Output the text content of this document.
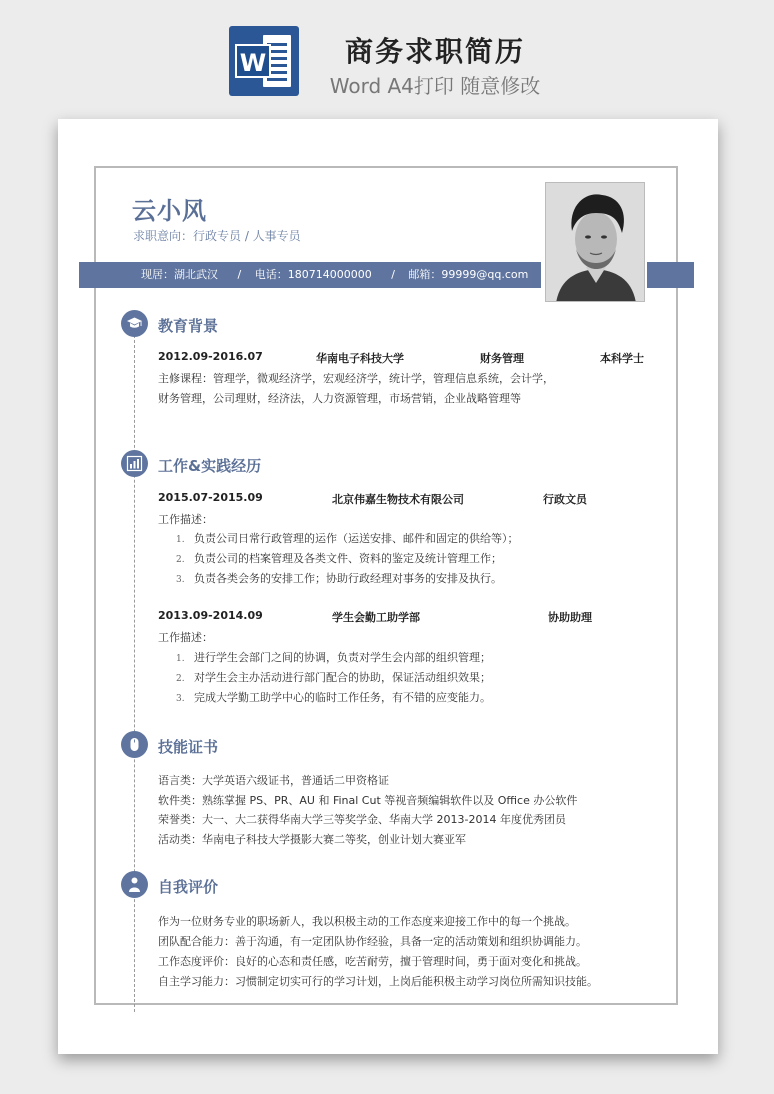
W	商务求职简历
Word A4打印 随意修改
云小风
求职意向：行政专员 / 人事专员
现居：湖北武汉 / 电话：180714000000 / 邮箱：99999@qq.com
教育背景
2012.09-2016.07	华南电子科技大学	财务管理	本科学士
主修课程：管理学，微观经济学，宏观经济学，统计学，管理信息系统，会计学，
财务管理，公司理财，经济法，人力资源管理，市场营销，企业战略管理等
工作&实践经历
2015.07-2015.09	北京伟嘉生物技术有限公司	行政文员
工作描述：
1. 负责公司日常行政管理的运作（运送安排、邮件和固定的供给等）；
2. 负责公司的档案管理及各类文件、资料的鉴定及统计管理工作；
3. 负责各类会务的安排工作；协助行政经理对事务的安排及执行。
2013.09-2014.09	学生会勤工助学部	协助助理
工作描述：
1. 进行学生会部门之间的协调，负责对学生会内部的组织管理；
2. 对学生会主办活动进行部门配合的协助，保证活动组织效果；
3. 完成大学勤工助学中心的临时工作任务，有不错的应变能力。
技能证书
语言类：大学英语六级证书，普通话二甲资格证
软件类：熟练掌握 PS、PR、AU 和 Final Cut 等视音频编辑软件以及 Office 办公软件
荣誉类：大一、大二获得华南大学三等奖学金、华南大学 2013-2014 年度优秀团员
活动类：华南电子科技大学摄影大赛二等奖，创业计划大赛亚军
自我评价
作为一位财务专业的职场新人，我以积极主动的工作态度来迎接工作中的每一个挑战。
团队配合能力：善于沟通，有一定团队协作经验，具备一定的活动策划和组织协调能力。
工作态度评价：良好的心态和责任感，吃苦耐劳，擅于管理时间，勇于面对变化和挑战。
自主学习能力：习惯制定切实可行的学习计划，上岗后能积极主动学习岗位所需知识技能。
